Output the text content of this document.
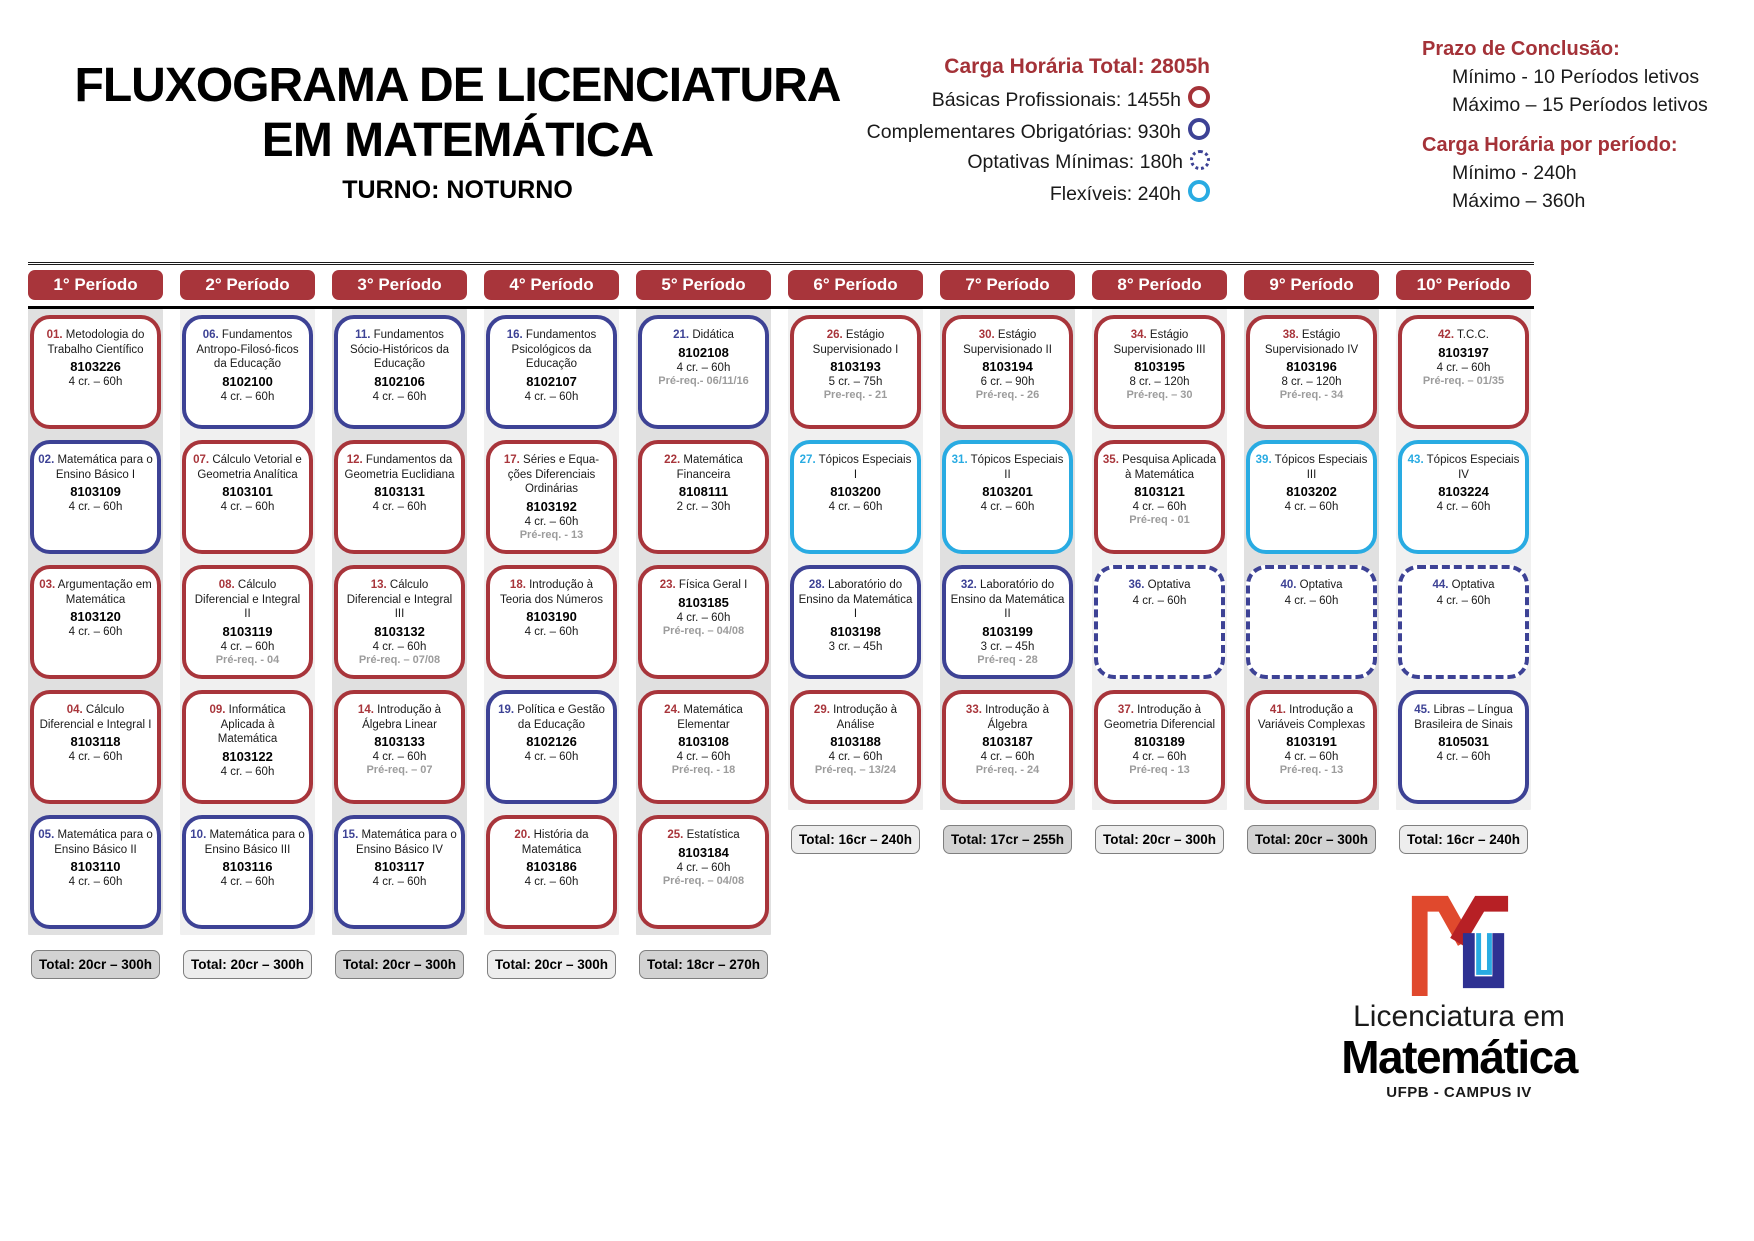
FLUXOGRAMA DE LICENCIATURA
EM MATEMÁTICA
TURNO: NOTURNO
Carga Horária Total: 2805h
Básicas Profissionais: 1455h
Complementares Obrigatórias: 930h
Optativas Mínimas: 180h
Flexíveis: 240h
Prazo de Conclusão:
Mínimo - 10 Períodos letivos
Máximo – 15 Períodos letivos
Carga Horária por período:
Mínimo - 240h
Máximo – 360h
1° Período	2° Período	3° Período	4° Período	5° Período	6° Período	7° Período	8° Período	9° Período	10° Período
01. Metodologia do Trabalho Científico
8103226
4 cr. – 60h
02. Matemática para o Ensino Básico I
8103109
4 cr. – 60h
03. Argumentação em Matemática
8103120
4 cr. – 60h
04. Cálculo Diferencial e Integral I
8103118
4 cr. – 60h
05. Matemática para o Ensino Básico II
8103110
4 cr. – 60h
Total: 20cr – 300h
06. Fundamentos Antropo-Filosó-ficos da Educação
8102100
4 cr. – 60h
07. Cálculo Vetorial e Geometria Analítica
8103101
4 cr. – 60h
08. Cálculo Diferencial e Integral II
8103119
4 cr. – 60h
Pré-req. - 04
09. Informática Aplicada à Matemática
8103122
4 cr. – 60h
10. Matemática para o Ensino Básico III
8103116
4 cr. – 60h
Total: 20cr – 300h
11. Fundamentos Sócio-Históricos da Educação
8102106
4 cr. – 60h
12. Fundamentos da Geometria Euclidiana
8103131
4 cr. – 60h
13. Cálculo Diferencial e Integral III
8103132
4 cr. – 60h
Pré-req. – 07/08
14. Introdução à Álgebra Linear
8103133
4 cr. – 60h
Pré-req. – 07
15. Matemática para o Ensino Básico IV
8103117
4 cr. – 60h
Total: 20cr – 300h
16. Fundamentos Psicológicos da Educação
8102107
4 cr. – 60h
17. Séries e Equa-ções Diferenciais Ordinárias
8103192
4 cr. – 60h
Pré-req. - 13
18. Introdução à Teoria dos Números
8103190
4 cr. – 60h
19. Política e Gestão da Educação
8102126
4 cr. – 60h
20. História da Matemática
8103186
4 cr. – 60h
Total: 20cr – 300h
21. Didática
8102108
4 cr. – 60h
Pré-req.- 06/11/16
22. Matemática Financeira
8108111
2 cr. – 30h
23. Física Geral I
8103185
4 cr. – 60h
Pré-req. – 04/08
24. Matemática Elementar
8103108
4 cr. – 60h
Pré-req. - 18
25. Estatística
8103184
4 cr. – 60h
Pré-req. – 04/08
Total: 18cr – 270h
26. Estágio Supervisionado I
8103193
5 cr. – 75h
Pre-req. - 21
27. Tópicos Especiais I
8103200
4 cr. – 60h
28. Laboratório do Ensino da Matemática I
8103198
3 cr. – 45h
29. Introdução à Análise
8103188
4 cr. – 60h
Pré-req. – 13/24
Total: 16cr – 240h
30. Estágio Supervisionado II
8103194
6 cr. – 90h
Pré-req. - 26
31. Tópicos Especiais II
8103201
4 cr. – 60h
32. Laboratório do Ensino da Matemática II
8103199
3 cr. – 45h
Pré-req - 28
33. Introdução à Álgebra
8103187
4 cr. – 60h
Pré-req. - 24
Total: 17cr – 255h
34. Estágio Supervisionado III
8103195
8 cr. – 120h
Pré-req. – 30
35. Pesquisa Aplicada à Matemática
8103121
4 cr. – 60h
Pré-req - 01
36. Optativa
4 cr. – 60h
37. Introdução à Geometria Diferencial
8103189
4 cr. – 60h
Pré-req - 13
Total: 20cr – 300h
38. Estágio Supervisionado IV
8103196
8 cr. – 120h
Pré-req. - 34
39. Tópicos Especiais III
8103202
4 cr. – 60h
40. Optativa
4 cr. – 60h
41. Introdução a Variáveis Complexas
8103191
4 cr. – 60h
Pré-req. - 13
Total: 20cr – 300h
42. T.C.C.
8103197
4 cr. – 60h
Pré-req. – 01/35
43. Tópicos Especiais IV
8103224
4 cr. – 60h
44. Optativa
4 cr. – 60h
45. Libras – Língua Brasileira de Sinais
8105031
4 cr. – 60h
Total: 16cr – 240h
Licenciatura em
Matemática
UFPB - CAMPUS IV
